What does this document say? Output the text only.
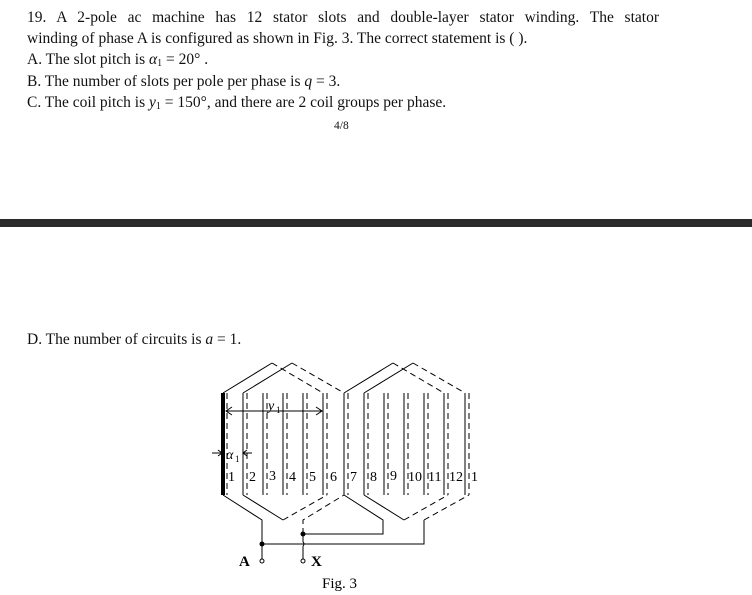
19. A 2-pole ac machine has 12 stator slots and double-layer stator winding. The stator
winding of phase A is configured as shown in Fig. 3. The correct statement is ( ).
A. The slot pitch is $\alpha_1 = 20^\circ$ .
B. The number of slots per pole per phase is q = 3.
C. The coil pitch is $y_1 = 150^\circ$, and there are 2 coil groups per phase.
4/8
D. The number of circuits is a = 1.
y 1
α 1
1 2 3 4 5 6 7 8 9 10 11 12 1
A	X
Fig. 3
